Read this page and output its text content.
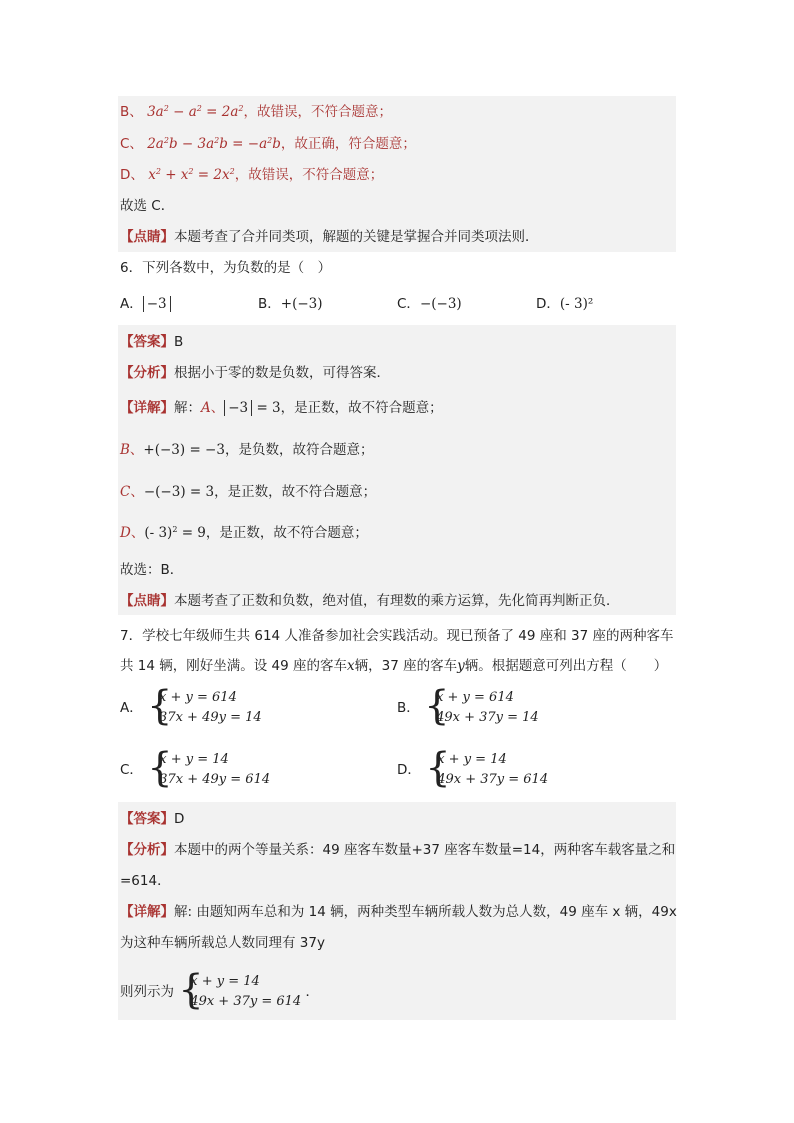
B、 $3a^2 - a^2 = 2a^2$，故错误，不符合题意；
C、 $2a^2b - 3a^2b = -a^2b$，故正确，符合题意；
D、 $x^2 + x^2 = 2x^2$，故错误，不符合题意；
故选 C．
【点睛】本题考查了合并同类项，解题的关键是掌握合并同类项法则．
6．下列各数中，为负数的是（　）
A． −3	B．+(−3)	C．−(−3)	D．(- 3)²
【答案】B
【分析】根据小于零的数是负数，可得答案．
【详解】解：A、 −3 = 3，是正数，故不符合题意；
B、+(−3) = −3，是负数，故符合题意；
C、−(−3) = 3，是正数，故不符合题意；
D、(- 3)$^2$ = 9，是正数，故不符合题意；
故选：B．
【点睛】本题考查了正数和负数，绝对值，有理数的乘方运算，先化简再判断正负．
7．学校七年级师生共 614 人准备参加社会实践活动。现已预备了 49 座和 37 座的两种客车
共 14 辆，刚好坐满。设 49 座的客车x辆，37 座的客车y辆。根据题意可列出方程（　　）
A． {
x + y = 614
37x + 49y = 14
B． {
x + y = 614
49x + 37y = 14
C． {
x + y = 14
37x + 49y = 614
D． {
x + y = 14
49x + 37y = 614
【答案】D
【分析】本题中的两个等量关系：49 座客车数量+37 座客车数量=14，两种客车载客量之和
=614．
【详解】解: 由题知两车总和为 14 辆，两种类型车辆所载人数为总人数，49 座车 x 辆，49x
为这种车辆所载总人数同理有 37y
则列示为 {
x + y = 14
49x + 37y = 614
．
